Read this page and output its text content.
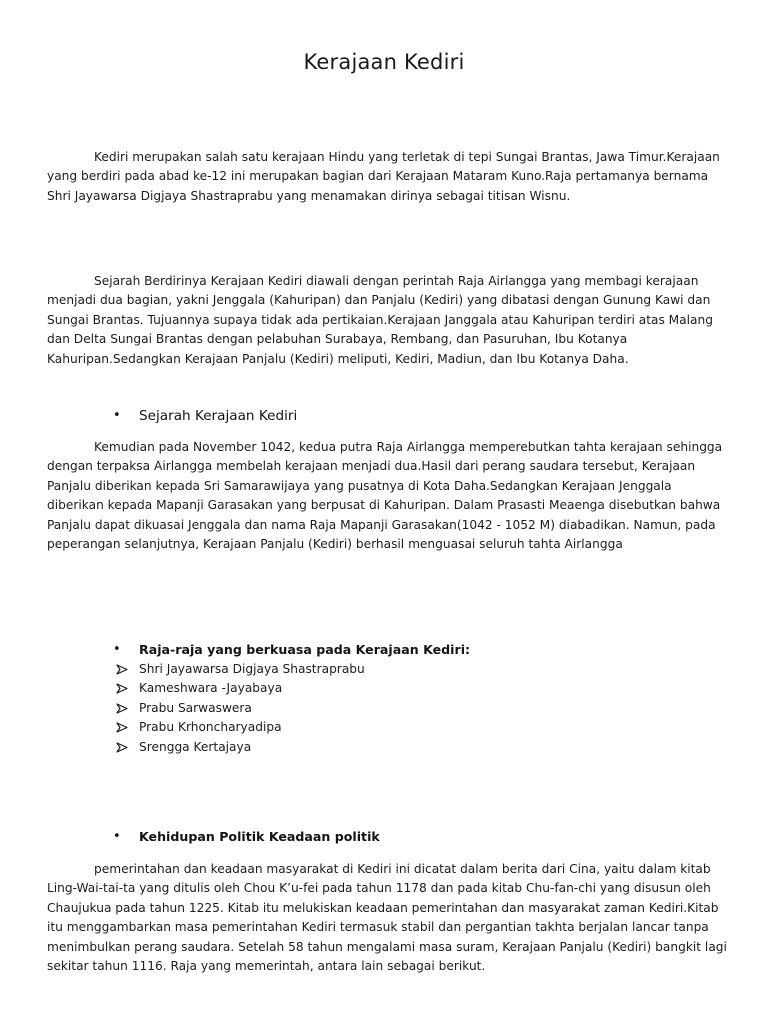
Kerajaan Kediri
Kediri merupakan salah satu kerajaan Hindu yang terletak di tepi Sungai Brantas, Jawa Timur.Kerajaan yang berdiri pada abad ke-12 ini merupakan bagian dari Kerajaan Mataram Kuno.Raja pertamanya bernama Shri Jayawarsa Digjaya Shastraprabu yang menamakan dirinya sebagai titisan Wisnu.
Sejarah Berdirinya Kerajaan Kediri diawali dengan perintah Raja Airlangga yang membagi kerajaan menjadi dua bagian, yakni Jenggala (Kahuripan) dan Panjalu (Kediri) yang dibatasi dengan Gunung Kawi dan Sungai Brantas. Tujuannya supaya tidak ada pertikaian.Kerajaan Janggala atau Kahuripan terdiri atas Malang dan Delta Sungai Brantas dengan pelabuhan Surabaya, Rembang, dan Pasuruhan, Ibu Kotanya Kahuripan.Sedangkan Kerajaan Panjalu (Kediri) meliputi, Kediri, Madiun, dan Ibu Kotanya Daha.
•	Sejarah Kerajaan Kediri
Kemudian pada November 1042, kedua putra Raja Airlangga memperebutkan tahta kerajaan sehingga dengan terpaksa Airlangga membelah kerajaan menjadi dua.Hasil dari perang saudara tersebut, Kerajaan Panjalu diberikan kepada Sri Samarawijaya yang pusatnya di Kota Daha.Sedangkan Kerajaan Jenggala diberikan kepada Mapanji Garasakan yang berpusat di Kahuripan. Dalam Prasasti Meaenga disebutkan bahwa Panjalu dapat dikuasai Jenggala dan nama Raja Mapanji Garasakan(1042 - 1052 M) diabadikan. Namun, pada peperangan selanjutnya, Kerajaan Panjalu (Kediri) berhasil menguasai seluruh tahta Airlangga
•	Raja-raja yang berkuasa pada Kerajaan Kediri:
Shri Jayawarsa Digjaya Shastraprabu
Kameshwara -Jayabaya
Prabu Sarwaswera
Prabu Krhoncharyadipa
Srengga Kertajaya
•	Kehidupan Politik Keadaan politik
pemerintahan dan keadaan masyarakat di Kediri ini dicatat dalam berita dari Cina, yaitu dalam kitab Ling-Wai-tai-ta yang ditulis oleh Chou K’u-fei pada tahun 1178 dan pada kitab Chu-fan-chi yang disusun oleh Chaujukua pada tahun 1225. Kitab itu melukiskan keadaan pemerintahan dan masyarakat zaman Kediri.Kitab itu menggambarkan masa pemerintahan Kediri termasuk stabil dan pergantian takhta berjalan lancar tanpa menimbulkan perang saudara. Setelah 58 tahun mengalami masa suram, Kerajaan Panjalu (Kediri) bangkit lagi sekitar tahun 1116. Raja yang memerintah, antara lain sebagai berikut.
